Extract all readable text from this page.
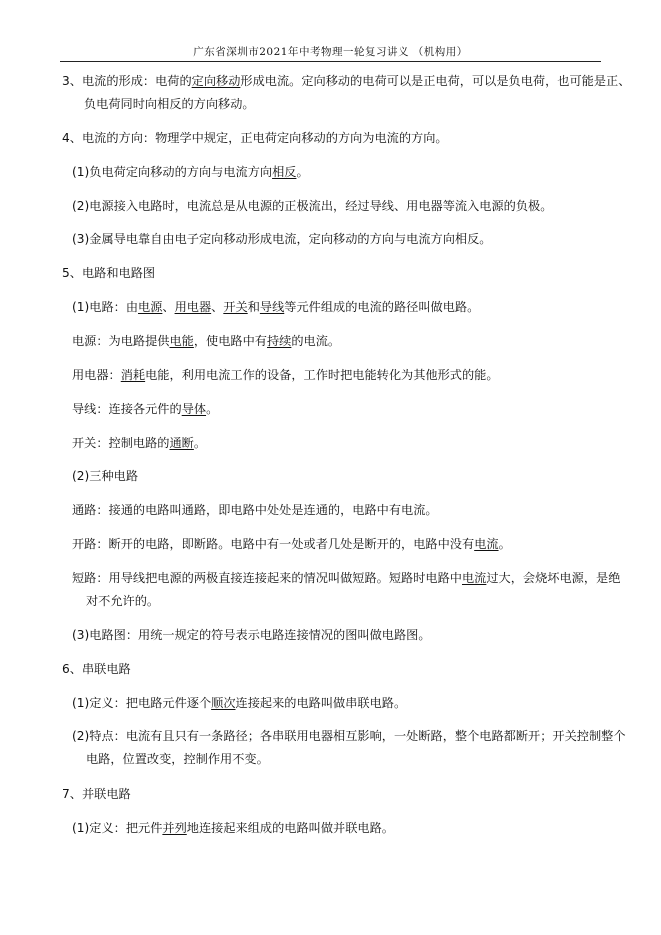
广东省深圳市2021年中考物理一轮复习讲义 （机构用）
3、电流的形成：电荷的定向移动形成电流。定向移动的电荷可以是正电荷，可以是负电荷，也可能是正、
负电荷同时向相反的方向移动。
4、电流的方向：物理学中规定，正电荷定向移动的方向为电流的方向。
(1)负电荷定向移动的方向与电流方向相反。
(2)电源接入电路时，电流总是从电源的正极流出，经过导线、用电器等流入电源的负极。
(3)金属导电靠自由电子定向移动形成电流，定向移动的方向与电流方向相反。
5、电路和电路图
(1)电路：由电源、用电器、开关和导线等元件组成的电流的路径叫做电路。
电源：为电路提供电能，使电路中有持续的电流。
用电器：消耗电能，利用电流工作的设备，工作时把电能转化为其他形式的能。
导线：连接各元件的导体。
开关：控制电路的通断。
(2)三种电路
通路：接通的电路叫通路，即电路中处处是连通的，电路中有电流。
开路：断开的电路，即断路。电路中有一处或者几处是断开的，电路中没有电流。
短路：用导线把电源的两极直接连接起来的情况叫做短路。短路时电路中电流过大，会烧坏电源，是绝
对不允许的。
(3)电路图：用统一规定的符号表示电路连接情况的图叫做电路图。
6、串联电路
(1)定义：把电路元件逐个顺次连接起来的电路叫做串联电路。
(2)特点：电流有且只有一条路径；各串联用电器相互影响，一处断路，整个电路都断开；开关控制整个
电路，位置改变，控制作用不变。
7、并联电路
(1)定义：把元件并列地连接起来组成的电路叫做并联电路。
